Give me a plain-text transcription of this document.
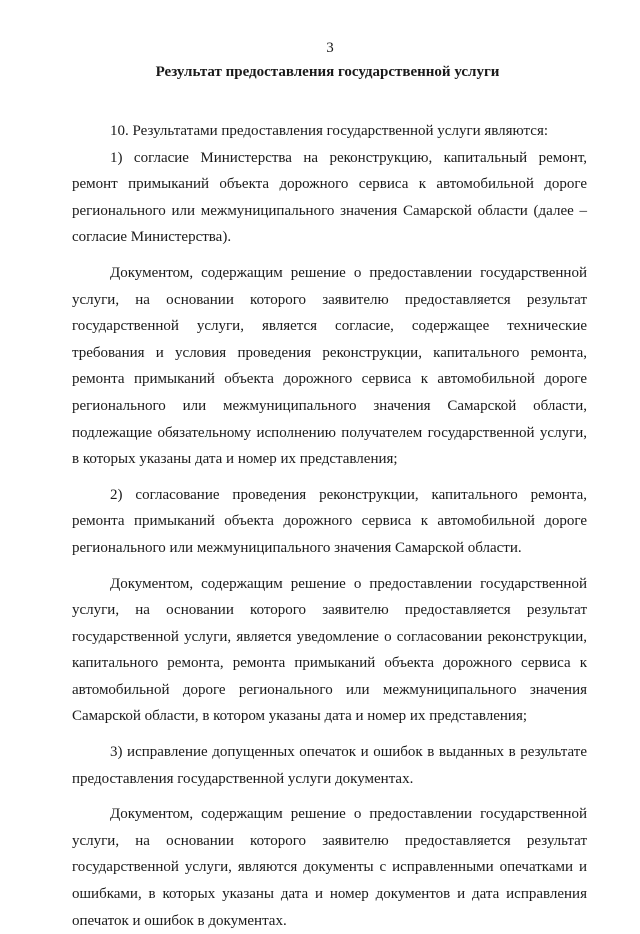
3
Результат предоставления государственной услуги

10. Результатами предоставления государственной услуги являются:

1) согласие Министерства на реконструкцию, капитальный ремонт, ремонт примыканий объекта дорожного сервиса к автомобильной дороге регионального или межмуниципального значения Самарской области (далее – согласие Министерства).

Документом, содержащим решение о предоставлении государственной услуги, на основании которого заявителю предоставляется результат государственной услуги, является согласие, содержащее технические требования и условия проведения реконструкции, капитального ремонта, ремонта примыканий объекта дорожного сервиса к автомобильной дороге регионального или межмуниципального значения Самарской области, подлежащие обязательному исполнению получателем государственной услуги, в которых указаны дата и номер их представления;

2) согласование проведения реконструкции, капитального ремонта, ремонта примыканий объекта дорожного сервиса к автомобильной дороге регионального или межмуниципального значения Самарской области.

Документом, содержащим решение о предоставлении государственной услуги, на основании которого заявителю предоставляется результат государственной услуги, является уведомление о согласовании реконструкции, капитального ремонта, ремонта примыканий объекта дорожного сервиса к автомобильной дороге регионального или межмуниципального значения Самарской области, в котором указаны дата и номер их представления;

3) исправление допущенных опечаток и ошибок в выданных в результате предоставления государственной услуги документах.

Документом, содержащим решение о предоставлении государственной услуги, на основании которого заявителю предоставляется результат государственной услуги, являются документы с исправленными опечатками и ошибками, в которых указаны дата и номер документов и дата исправления опечаток и ошибок в документах.
